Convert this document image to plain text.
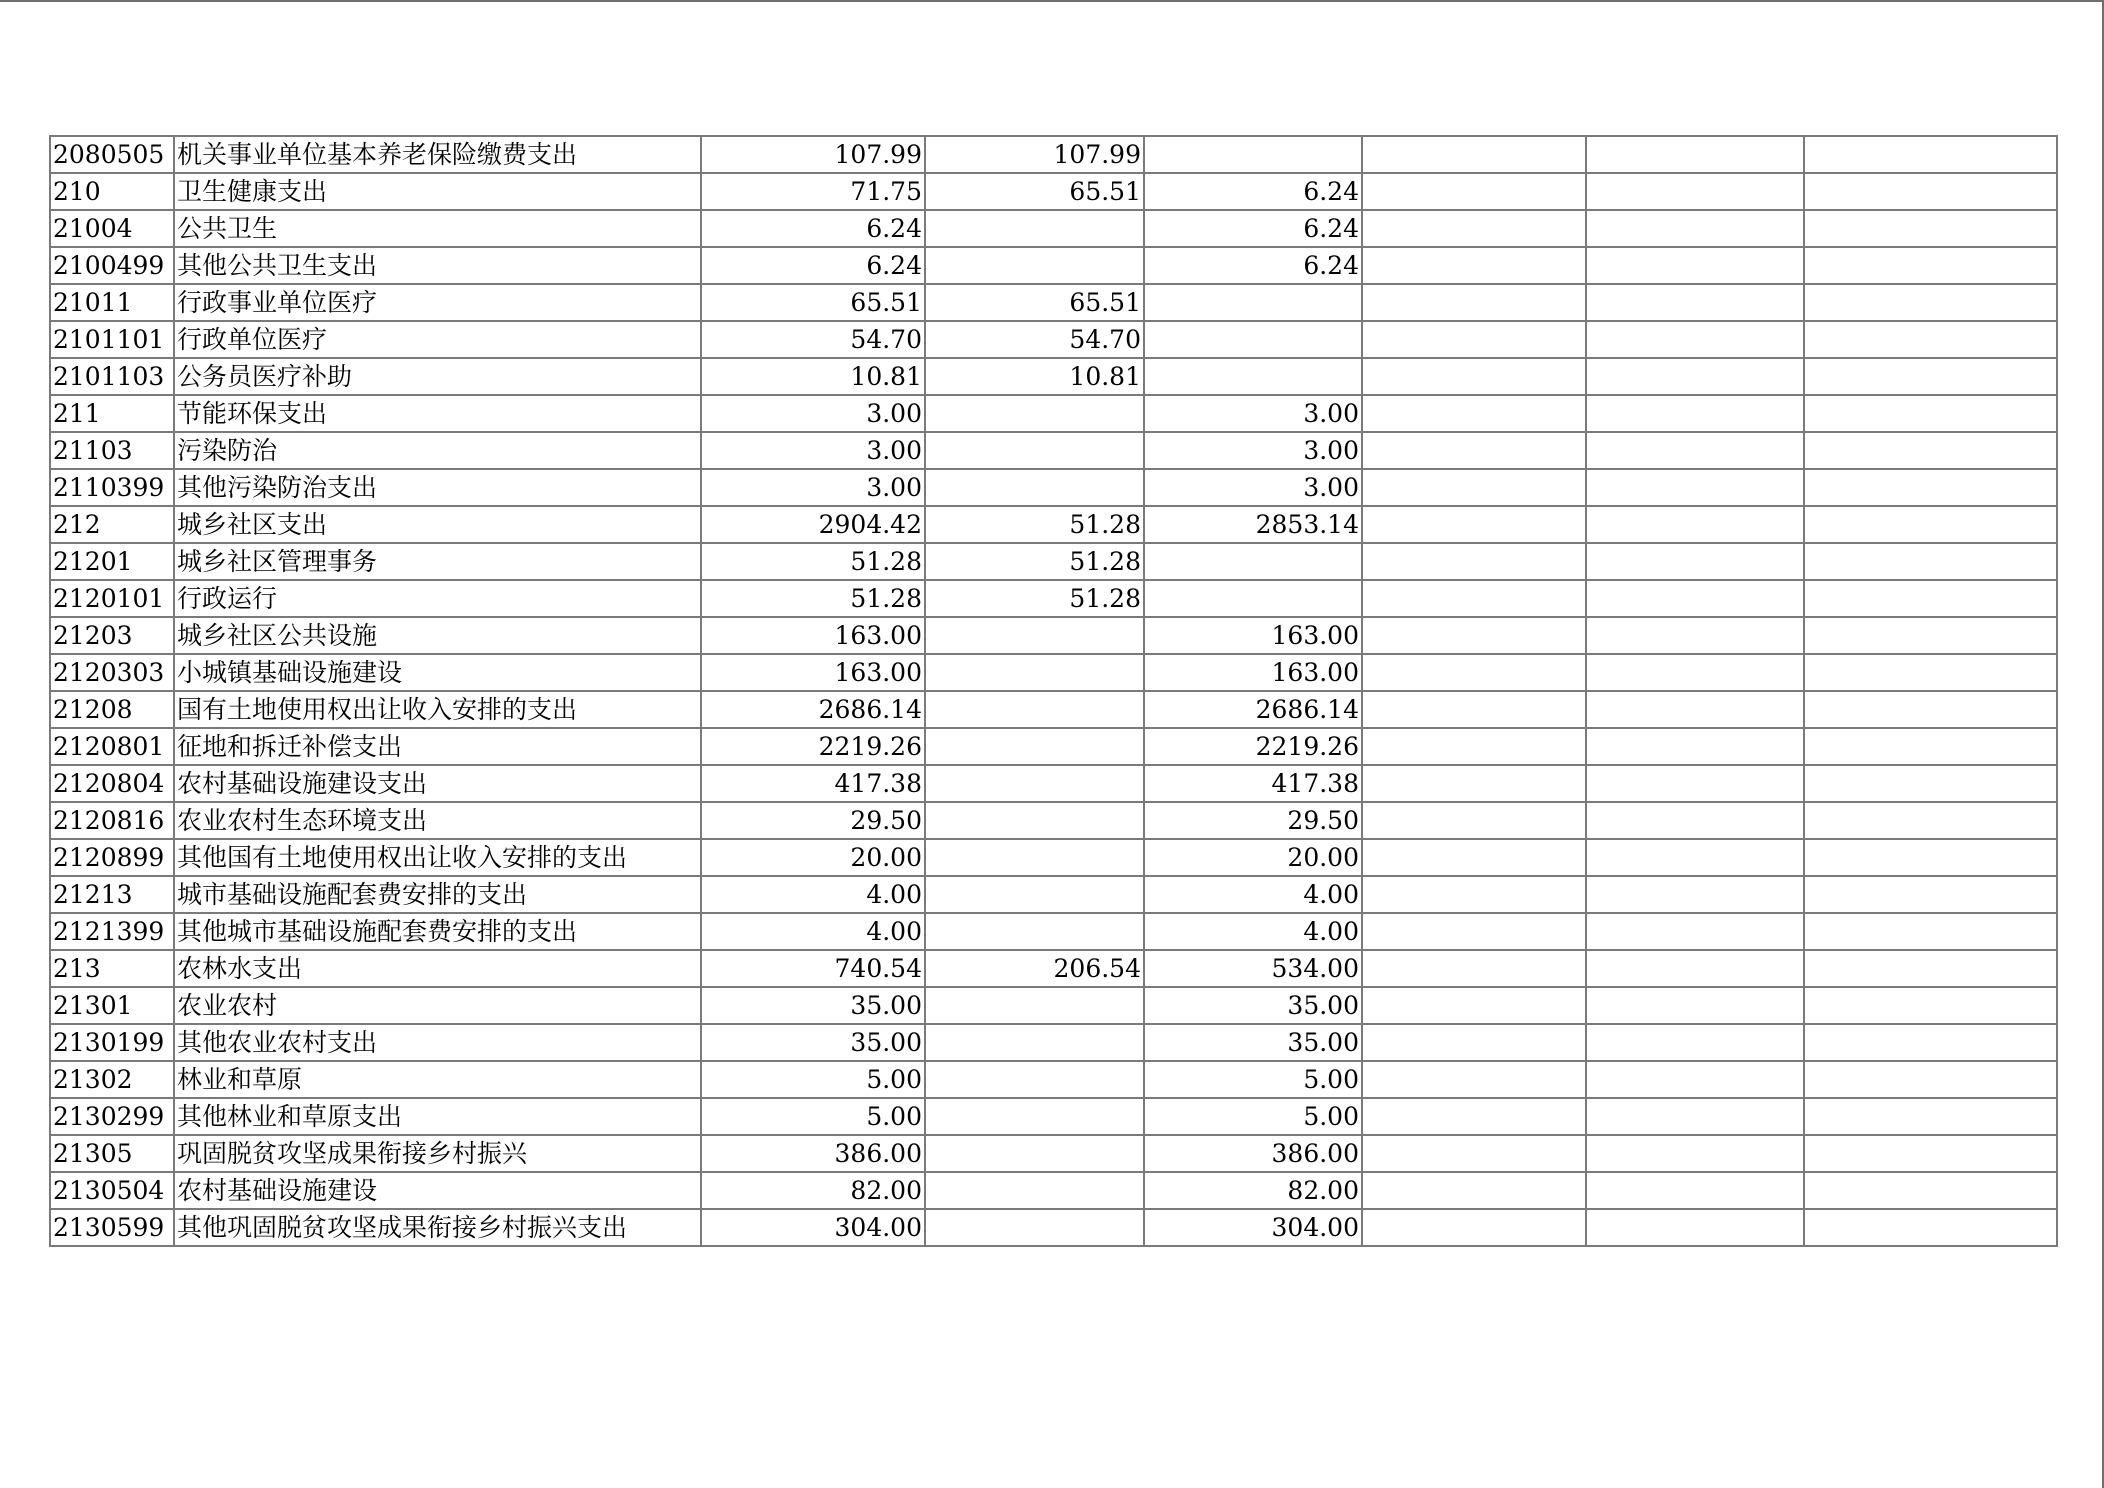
2080505	机关事业单位基本养老保险缴费支出	107.99	107.99				
210	卫生健康支出	71.75	65.51	6.24			
21004	公共卫生	6.24		6.24			
2100499	其他公共卫生支出	6.24		6.24			
21011	行政事业单位医疗	65.51	65.51				
2101101	行政单位医疗	54.70	54.70				
2101103	公务员医疗补助	10.81	10.81				
211	节能环保支出	3.00		3.00			
21103	污染防治	3.00		3.00			
2110399	其他污染防治支出	3.00		3.00			
212	城乡社区支出	2904.42	51.28	2853.14			
21201	城乡社区管理事务	51.28	51.28				
2120101	行政运行	51.28	51.28				
21203	城乡社区公共设施	163.00		163.00			
2120303	小城镇基础设施建设	163.00		163.00			
21208	国有土地使用权出让收入安排的支出	2686.14		2686.14			
2120801	征地和拆迁补偿支出	2219.26		2219.26			
2120804	农村基础设施建设支出	417.38		417.38			
2120816	农业农村生态环境支出	29.50		29.50			
2120899	其他国有土地使用权出让收入安排的支出	20.00		20.00			
21213	城市基础设施配套费安排的支出	4.00		4.00			
2121399	其他城市基础设施配套费安排的支出	4.00		4.00			
213	农林水支出	740.54	206.54	534.00			
21301	农业农村	35.00		35.00			
2130199	其他农业农村支出	35.00		35.00			
21302	林业和草原	5.00		5.00			
2130299	其他林业和草原支出	5.00		5.00			
21305	巩固脱贫攻坚成果衔接乡村振兴	386.00		386.00			
2130504	农村基础设施建设	82.00		82.00			
2130599	其他巩固脱贫攻坚成果衔接乡村振兴支出	304.00		304.00			
